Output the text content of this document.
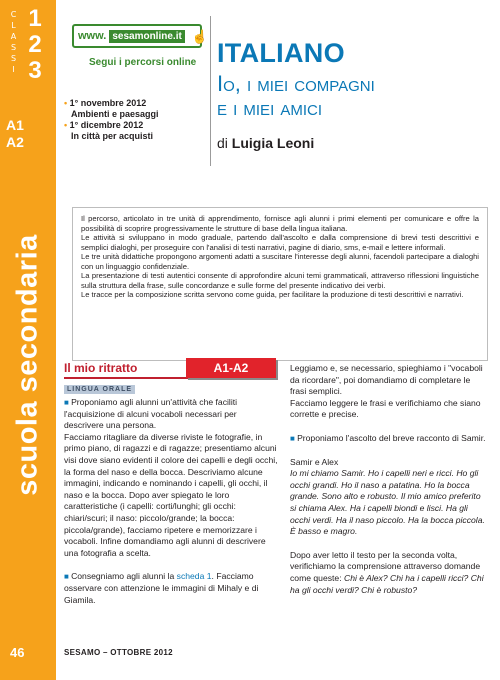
CLASSI 1
2
3
A1
A2
scuola secondaria
46
www. sesamonline.it ☝
Segui i percorsi online
• 1° novembre 2012
Ambienti e paesaggi
• 1° dicembre 2012
In città per acquisti
ITALIANO
Io, i miei compagni
e i miei amici
di Luigia Leoni

Il percorso, articolato in tre unità di apprendimento, fornisce agli alunni i primi elementi per comunicare e offre la possibilità di scoprire progressivamente le strutture di base della lingua italiana.

Le attività si sviluppano in modo graduale, partendo dall'ascolto e dalla comprensione di brevi testi descrittivi e semplici dialoghi, per proseguire con l'analisi di testi narrativi, pagine di diario, sms, e-mail e lettere informali.

Le tre unità didattiche propongono argomenti adatti a suscitare l'interesse degli alunni, facendoli partecipare a dialoghi con un linguaggio confidenziale.

La presentazione di testi autentici consente di approfondire alcuni temi grammaticali, attraverso riflessioni linguistiche sulla struttura della frase, sulle concordanze e sulle forme del presente indicativo dei verbi.

Le tracce per la composizione scritta servono come guida, per facilitare la produzione di testi descrittivi e narrativi.

Il mio ritratto	A1-A2
LINGUA ORALE

■ Proponiamo agli alunni un'attività che faciliti l'acquisizione di alcuni vocaboli necessari per descrivere una persona.

Facciamo ritagliare da diverse riviste le fotografie, in primo piano, di ragazzi e di ragazze; presentiamo alcuni visi dove siano evidenti il colore dei capelli e degli occhi, la forma del naso e della bocca. Descriviamo alcune immagini, indicando e nominando i capelli, gli occhi, il naso e la bocca. Dopo aver spiegato le loro caratteristiche (i capelli: corti/lunghi; gli occhi: chiari/scuri; il naso: piccolo/grande; la bocca: piccola/grande), facciamo ripetere e memorizzare i vocaboli. Infine domandiamo agli alunni di descrivere una fotografia a scelta.

■ Consegniamo agli alunni la scheda 1. Facciamo osservare con attenzione le immagini di Mihaly e di Giamila.

Leggiamo e, se necessario, spieghiamo i "vocaboli da ricordare", poi domandiamo di completare le frasi semplici.

Facciamo leggere le frasi e verifichiamo che siano corrette e precise.

■ Proponiamo l'ascolto del breve racconto di Samir.

Samir e Alex

Io mi chiamo Samir. Ho i capelli neri e ricci. Ho gli occhi grandi. Ho il naso a patatina. Ho la bocca grande. Sono alto e robusto. Il mio amico preferito si chiama Alex. Ha i capelli biondi e lisci. Ha gli occhi verdi. Ha il naso piccolo. Ha la bocca piccola. È basso e magro.

Dopo aver letto il testo per la seconda volta, verifichiamo la comprensione attraverso domande come queste: Chi è Alex? Chi ha i capelli ricci? Chi ha gli occhi verdi? Chi è robusto?

SESAMO – OTTOBRE 2012
